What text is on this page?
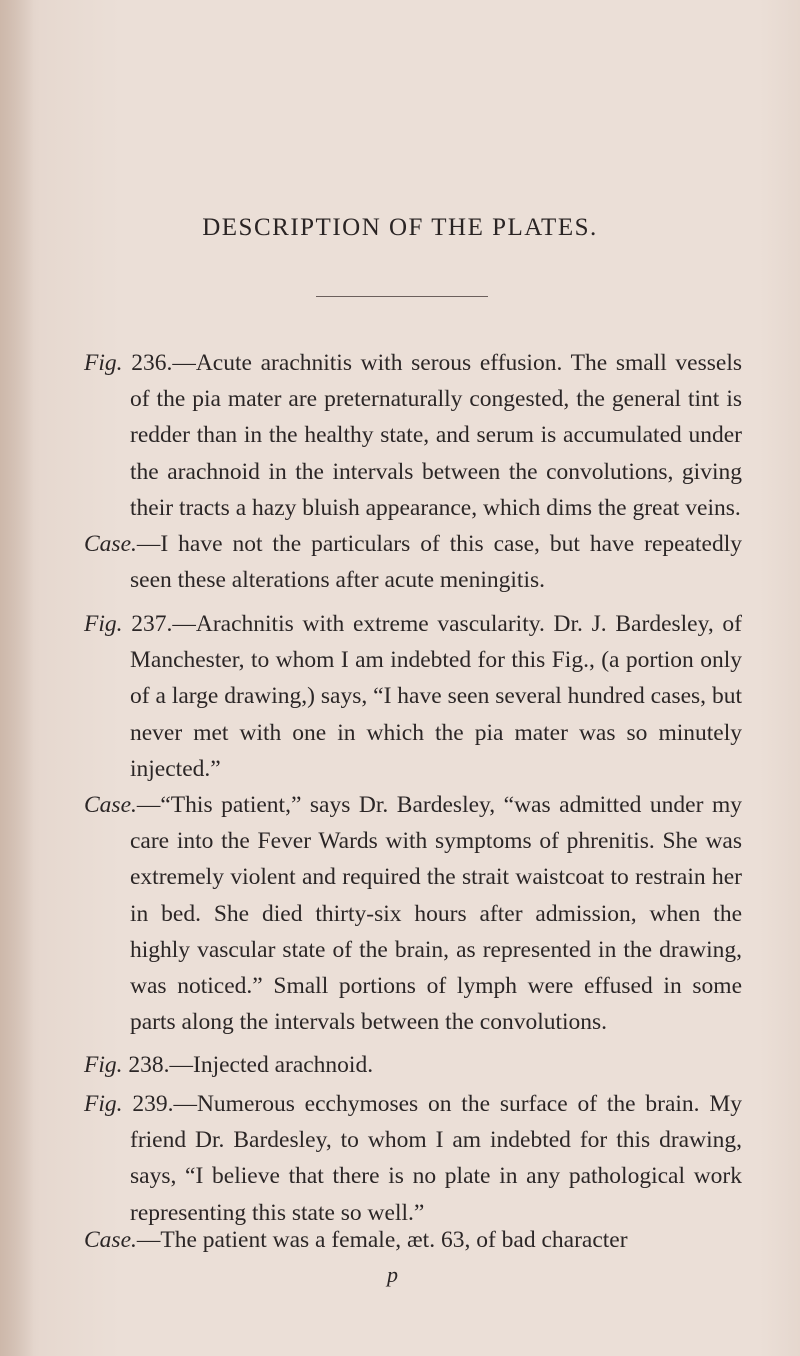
DESCRIPTION OF THE PLATES.
Fig. 236.—Acute arachnitis with serous effusion. The small vessels of the pia mater are preternaturally congested, the general tint is redder than in the healthy state, and serum is accumulated under the arachnoid in the intervals between the convolutions, giving their tracts a hazy bluish appearance, which dims the great veins.
Case.—I have not the particulars of this case, but have repeatedly seen these alterations after acute meningitis.
Fig. 237.—Arachnitis with extreme vascularity. Dr. J. Bardesley, of Manchester, to whom I am indebted for this Fig., (a portion only of a large drawing,) says, “I have seen several hundred cases, but never met with one in which the pia mater was so minutely injected.”
Case.—“This patient,” says Dr. Bardesley, “was admitted under my care into the Fever Wards with symptoms of phrenitis. She was extremely violent and required the strait waistcoat to restrain her in bed. She died thirty-six hours after admission, when the highly vascular state of the brain, as represented in the drawing, was noticed.” Small portions of lymph were effused in some parts along the intervals between the convolutions.
Fig. 238.—Injected arachnoid.
Fig. 239.—Numerous ecchymoses on the surface of the brain. My friend Dr. Bardesley, to whom I am indebted for this drawing, says, “I believe that there is no plate in any pathological work representing this state so well.”
Case.—The patient was a female, æt. 63, of bad character
p
